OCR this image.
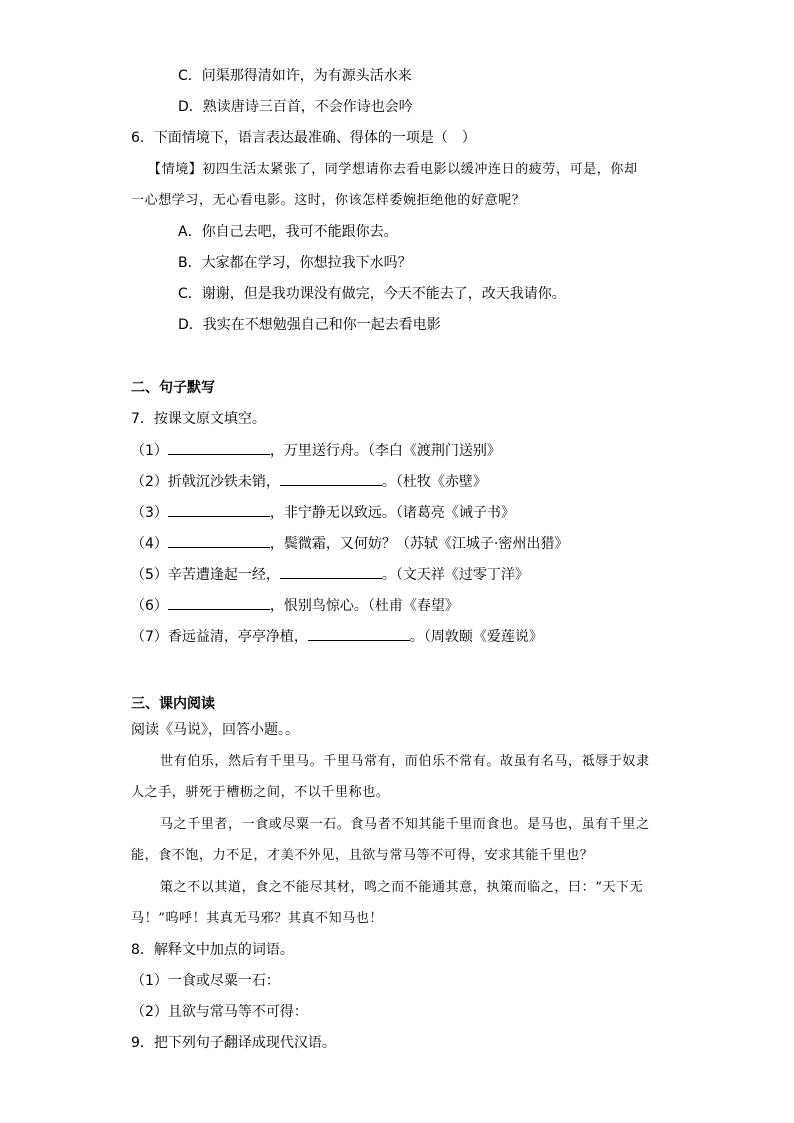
C．问渠那得清如许，为有源头活水来
D．熟读唐诗三百首，不会作诗也会吟
6．下面情境下，语言表达最准确、得体的一项是（　）
【情境】初四生活太紧张了，同学想请你去看电影以缓冲连日的疲劳，可是，你却
一心想学习，无心看电影。这时，你该怎样委婉拒绝他的好意呢？
A．你自己去吧，我可不能跟你去。
B．大家都在学习，你想拉我下水吗？
C．谢谢，但是我功课没有做完，今天不能去了，改天我请你。
D．我实在不想勉强自己和你一起去看电影
二、句子默写
7．按课文原文填空。
（1）	，万里送行舟。（李白《渡荆门送别》
（2）折戟沉沙铁未销，	。（杜牧《赤壁》
（3）	，非宁静无以致远。（诸葛亮《诫子书》
（4）	，鬓微霜，又何妨？（苏轼《江城子·密州出猎》
（5）辛苦遭逢起一经，	。（文天祥《过零丁洋》
（6）	，恨别鸟惊心。（杜甫《春望》
（7）香远益清，亭亭净植，	。（周敦颐《爱莲说》
三、课内阅读
阅读《马说》，回答小题。。
世有伯乐，然后有千里马。千里马常有，而伯乐不常有。故虽有名马，祗辱于奴隶
人之手，骈死于槽枥之间，不以千里称也。
马之千里者，一食或尽粟一石。食马者不知其能千里而食也。是马也，虽有千里之
能，食不饱，力不足，才美不外见，且欲与常马等不可得，安求其能千里也？
策之不以其道，食之不能尽其材，鸣之而不能通其意，执策而临之，曰：“天下无
马！”呜呼！其真无马邪？其真不知马也！
8．解释文中加点的词语。
（1）一食或尽粟一石：
（2）且欲与常马等不可得：
9．把下列句子翻译成现代汉语。
